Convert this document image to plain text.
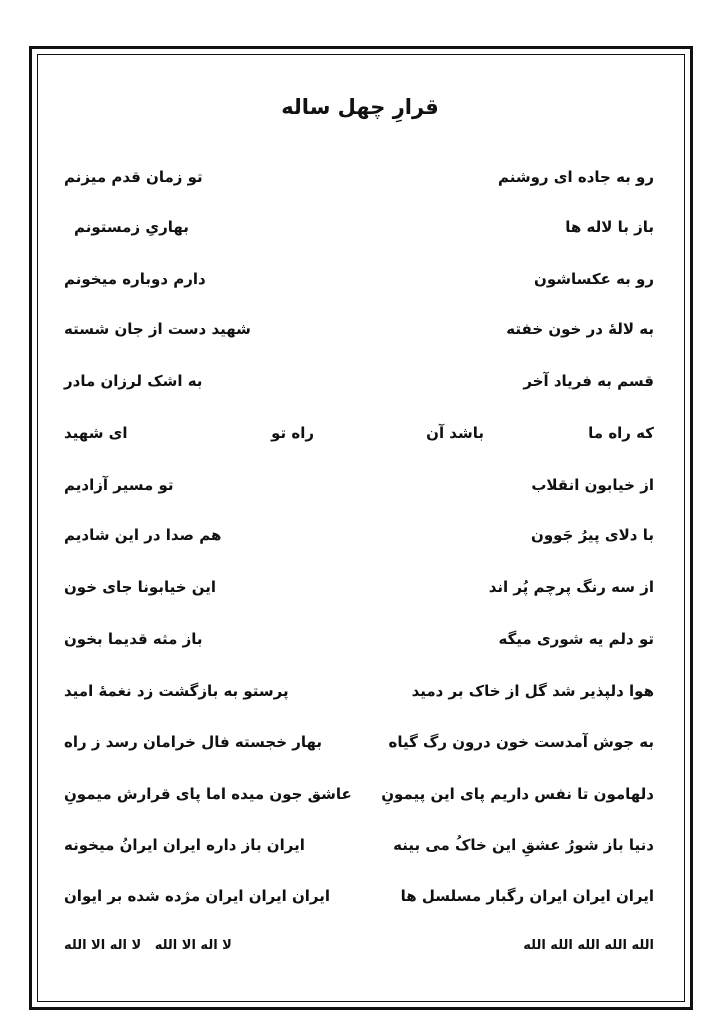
قرارِ چهل ساله
رو به جاده ای روشنم
تو زمان قدم میزنم
باز با لاله ها
بهاریِ زمستونم
رو به عکساشون
دارم دوباره میخونم
به لالهٔ در خون خفته
شهید دست از جان شسته
قسم به فریاد آخر
به اشک لرزان مادر
که راه ما
باشد آن
راه تو
ای شهید
از خیابون انقلاب
تو مسیر آزادیم
با دلای پیرُ جَوون
هم صدا در این شادیم
از سه رنگ پرچم پُر اند
این خیابونا جای خون
تو دلم یه شوری میگه
باز مثه قدیما بخون
هوا دلپذیر شد گل از خاک بر دمید
پرستو به بازگشت زد نغمهٔ امید
به جوش آمدست خون درون رگ گیاه
بهار خجسته فال خرامان رسد ز راه
دلهامون تا نفس داریم پای این پیمونِ
عاشق جون میده اما پای قرارش میمونِ
دنیا باز شورُ عشقِ این خاکُ می بینه
ایران باز داره ایران ایرانُ میخونه
ایران ایران ایران رگبار مسلسل ها
ایران ایران ایران مژده شده بر ایوان
الله الله الله الله الله
لا اله الا الله   لا اله الا الله
